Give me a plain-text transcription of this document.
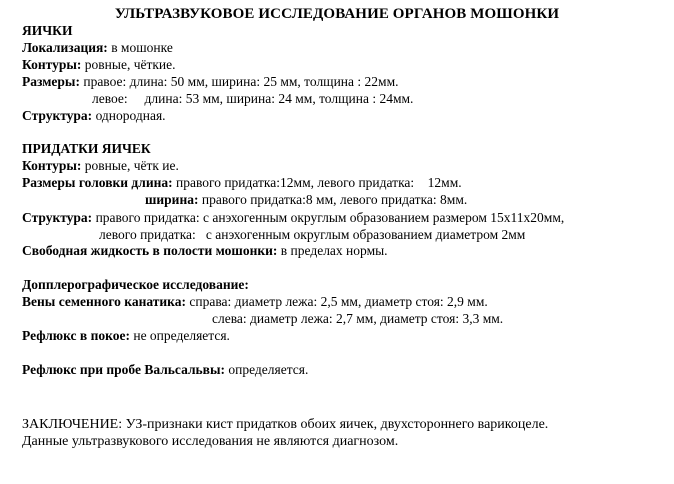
УЛЬТРАЗВУКОВОЕ ИССЛЕДОВАНИЕ ОРГАНОВ МОШОНКИ
ЯИЧКИ
Локализация: в мошонке
Контуры: ровные, чёткие.
Размеры: правое: длина: 50 мм, ширина: 25 мм, толщина : 22мм.
левое:     длина: 53 мм, ширина: 24 мм, толщина : 24мм.
Структура: однородная.
ПРИДАТКИ ЯИЧЕК
Контуры: ровные, чётк ие.
Размеры головки длина: правого придатка:12мм, левого придатка:    12мм.
ширина: правого придатка:8 мм, левого придатка: 8мм.
Структура: правого придатка: с анэхогенным округлым образованием размером 15х11х20мм,
левого придатка:   с анэхогенным округлым образованием диаметром 2мм
Свободная жидкость в полости мошонки: в пределах нормы.
Допплерографическое исследование:
Вены семенного канатика: справа: диаметр лежа: 2,5 мм, диаметр стоя: 2,9 мм.
слева: диаметр лежа: 2,7 мм, диаметр стоя: 3,3 мм.
Рефлюкс в покое: не определяется.
Рефлюкс при пробе Вальсальвы: определяется.
ЗАКЛЮЧЕНИЕ: УЗ-признаки кист придатков обоих яичек, двухстороннего варикоцеле.
Данные ультразвукового исследования не являются диагнозом.
